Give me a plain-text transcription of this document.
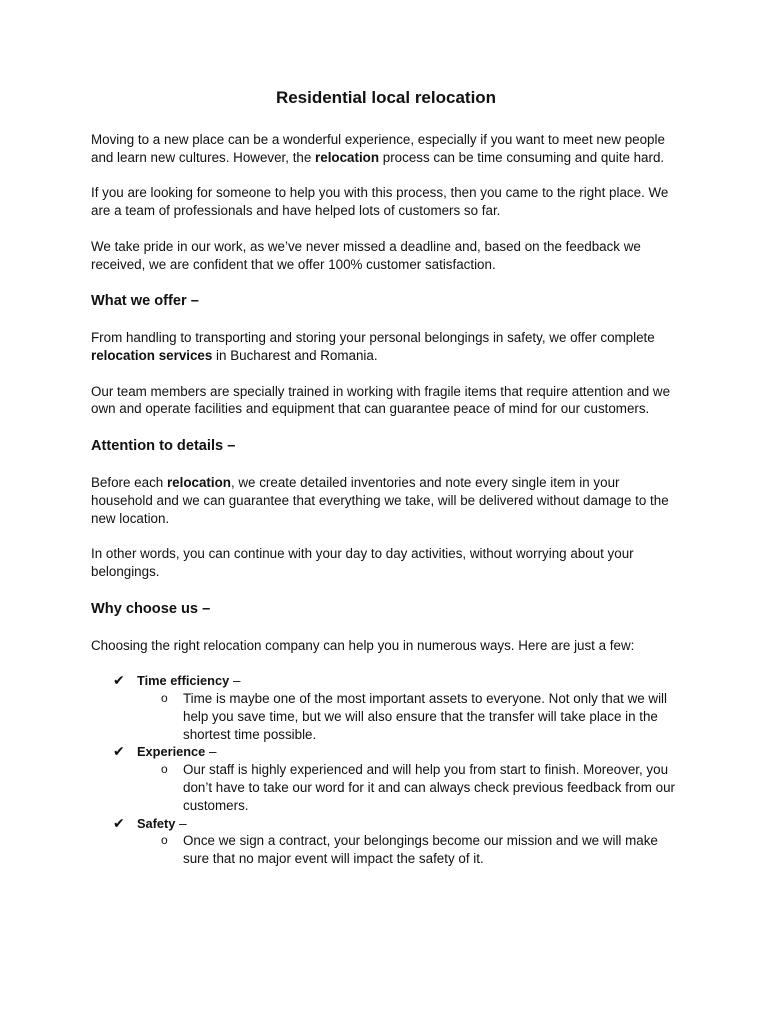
Residential local relocation

Moving to a new place can be a wonderful experience, especially if you want to meet new people and learn new cultures. However, the relocation process can be time consuming and quite hard.

If you are looking for someone to help you with this process, then you came to the right place. We are a team of professionals and have helped lots of customers so far.

We take pride in our work, as we’ve never missed a deadline and, based on the feedback we received, we are confident that we offer 100% customer satisfaction.

What we offer –

From handling to transporting and storing your personal belongings in safety, we offer complete relocation services in Bucharest and Romania.

Our team members are specially trained in working with fragile items that require attention and we own and operate facilities and equipment that can guarantee peace of mind for our customers.

Attention to details –

Before each relocation, we create detailed inventories and note every single item in your household and we can guarantee that everything we take, will be delivered without damage to the new location.

In other words, you can continue with your day to day activities, without worrying about your belongings.

Why choose us –

Choosing the right relocation company can help you in numerous ways. Here are just a few:

✔ Time efficiency –
o Time is maybe one of the most important assets to everyone. Not only that we will help you save time, but we will also ensure that the transfer will take place in the shortest time possible.
✔ Experience –
o Our staff is highly experienced and will help you from start to finish. Moreover, you don’t have to take our word for it and can always check previous feedback from our customers.
✔ Safety –
o Once we sign a contract, your belongings become our mission and we will make sure that no major event will impact the safety of it.
